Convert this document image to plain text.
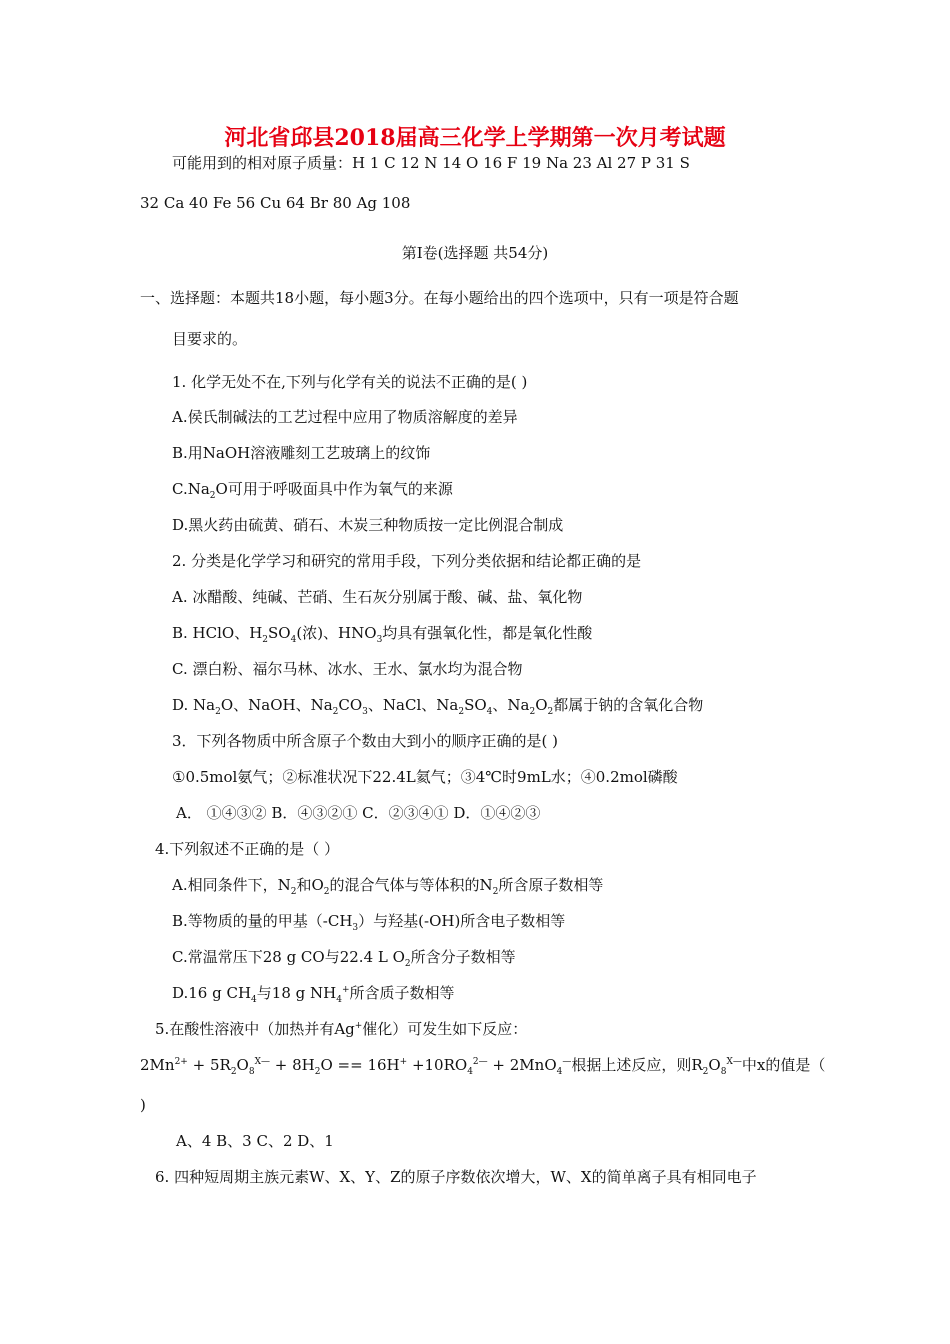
河北省邱县2018届高三化学上学期第一次月考试题
可能用到的相对原子质量：H 1 C 12 N 14 O 16 F 19 Na 23 Al 27 P 31 S
32 Ca 40 Fe 56 Cu 64 Br 80 Ag 108
第Ⅰ卷(选择题 共54分)
一、选择题：本题共18小题，每小题3分。在每小题给出的四个选项中，只有一项是符合题
目要求的。
1. 化学无处不在,下列与化学有关的说法不正确的是( )
A.侯氏制碱法的工艺过程中应用了物质溶解度的差异
B.用NaOH溶液雕刻工艺玻璃上的纹饰
$C.Na_2O$可用于呼吸面具中作为氧气的来源
D.黑火药由硫黄、硝石、木炭三种物质按一定比例混合制成
2. 分类是化学学习和研究的常用手段，下列分类依据和结论都正确的是
A. 冰醋酸、纯碱、芒硝、生石灰分别属于酸、碱、盐、氧化物
B. HClO、$H_2SO_4$(浓)、$HNO_3$均具有强氧化性，都是氧化性酸
C. 漂白粉、福尔马林、冰水、王水、氯水均为混合物
D. $Na_2O$、NaOH、$Na_2CO_3$、NaCl、$Na_2SO_4$、$Na_2O_2$都属于钠的含氧化合物
3．下列各物质中所含原子个数由大到小的顺序正确的是( )
①0.5mol氨气；②标准状况下22.4L氦气；③4℃时9mL水；④0.2mol磷酸
A． ①④③② B．④③②① C．②③④① D．①④②③
4.下列叙述不正确的是（ ）
A.相同条件下，$N_2$和$O_2$的混合气体与等体积的$N_2$所含原子数相等
B.等物质的量的甲基$(-CH_3)$与羟基(-OH)所含电子数相等
C.常温常压下28 g CO与22.4 L $O_2$所含分子数相等
D.16 g $CH_4$与18 g $NH_4^+$所含质子数相等
5.在酸性溶液中（加热并有Ag+催化）可发生如下反应：
$2Mn^{2+} + 5R_2O_8^{X—} + 8H_2O == 16H^+ +10RO_4^{2—} + 2MnO_4^—$根据上述反应，则$R_2O_8^{X—}$中x的值是（
)
A、4 B、3 C、2 D、1
6. 四种短周期主族元素W、X、Y、Z的原子序数依次增大，W、X的简单离子具有相同电子
